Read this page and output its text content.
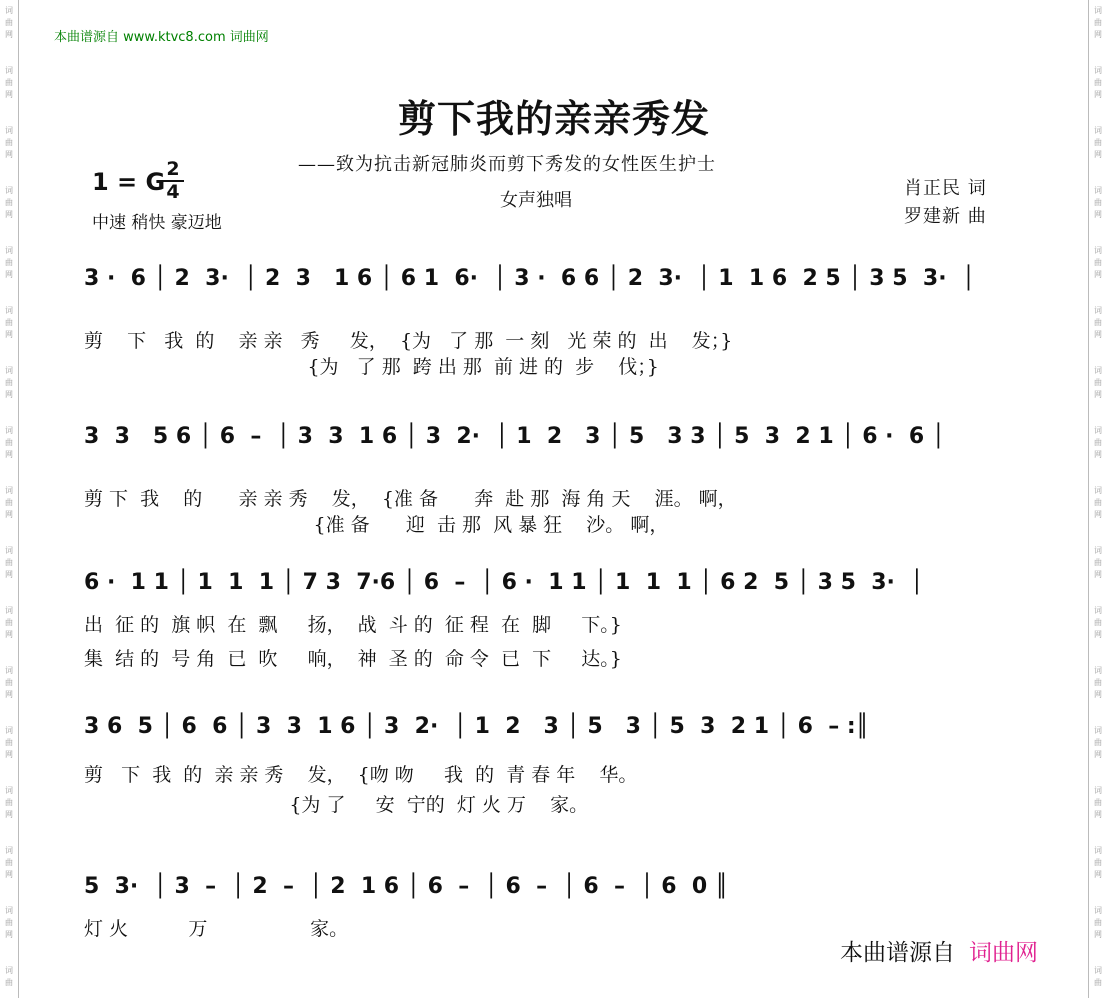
词
曲
网
词
曲
网
词
曲
网
词
曲
网
词
曲
网
词
曲
网
词
曲
网
词
曲
网
词
曲
网
词
曲
网
词
曲
网
词
曲
网
词
曲
网
词
曲
网
词
曲
网
词
曲
网
词
曲
词
曲
网
词
曲
网
词
曲
网
词
曲
网
词
曲
网
词
曲
网
词
曲
网
词
曲
网
词
曲
网
词
曲
网
词
曲
网
词
曲
网
词
曲
网
词
曲
网
词
曲
网
词
曲
网
词
曲
本曲谱源自 www.ktvc8.com 词曲网
剪下我的亲亲秀发
——致为抗击新冠肺炎而剪下秀发的女性医生护士
女声独唱
1 = G 2
4
中速 稍快 豪迈地
肖正民 词
罗建新 曲
3 ·  6 │ 2  3·  │ 2  3   1 6 │ 6 1  6·  │ 3 ·  6 6 │ 2  3·  │ 1  1 6  2 5 │ 3 5  3·  │
剪    下   我  的    亲 亲   秀     发，  {为   了 那  一 刻   光 荣 的  出    发；}
{为   了 那  跨 出 那  前 进 的  步    伐；}
3  3   5 6 │ 6  –  │ 3  3  1 6 │ 3  2·  │ 1  2   3 │ 5   3 3 │ 5  3  2 1 │ 6 ·  6 │
剪 下  我    的      亲 亲 秀    发，  {准 备      奔  赴 那  海 角 天    涯。 啊，
{准 备      迎  击 那  风 暴 狂    沙。 啊，
6 ·  1 1 │ 1  1  1 │ 7 3  7·6 │ 6  –  │ 6 ·  1 1 │ 1  1  1 │ 6 2  5 │ 3 5  3·  │
出  征 的  旗 帜  在  飘     扬，  战  斗 的  征 程  在  脚     下。}
集  结 的  号 角  已  吹     响，  神  圣 的  命 令  已  下     达。}
3 6  5 │ 6  6 │ 3  3  1 6 │ 3  2·  │ 1  2   3 │ 5   3 │ 5  3  2 1 │ 6  – :║
剪   下  我  的  亲 亲 秀    发，  {吻 吻     我  的  青 春 年    华。
{为 了     安  宁的  灯 火 万    家。
5  3·  │ 3  –  │ 2  –  │ 2  1 6 │ 6  –  │ 6  –  │ 6  –  │ 6  0 ║
灯 火          万                 家。
本曲谱源自 词曲网
